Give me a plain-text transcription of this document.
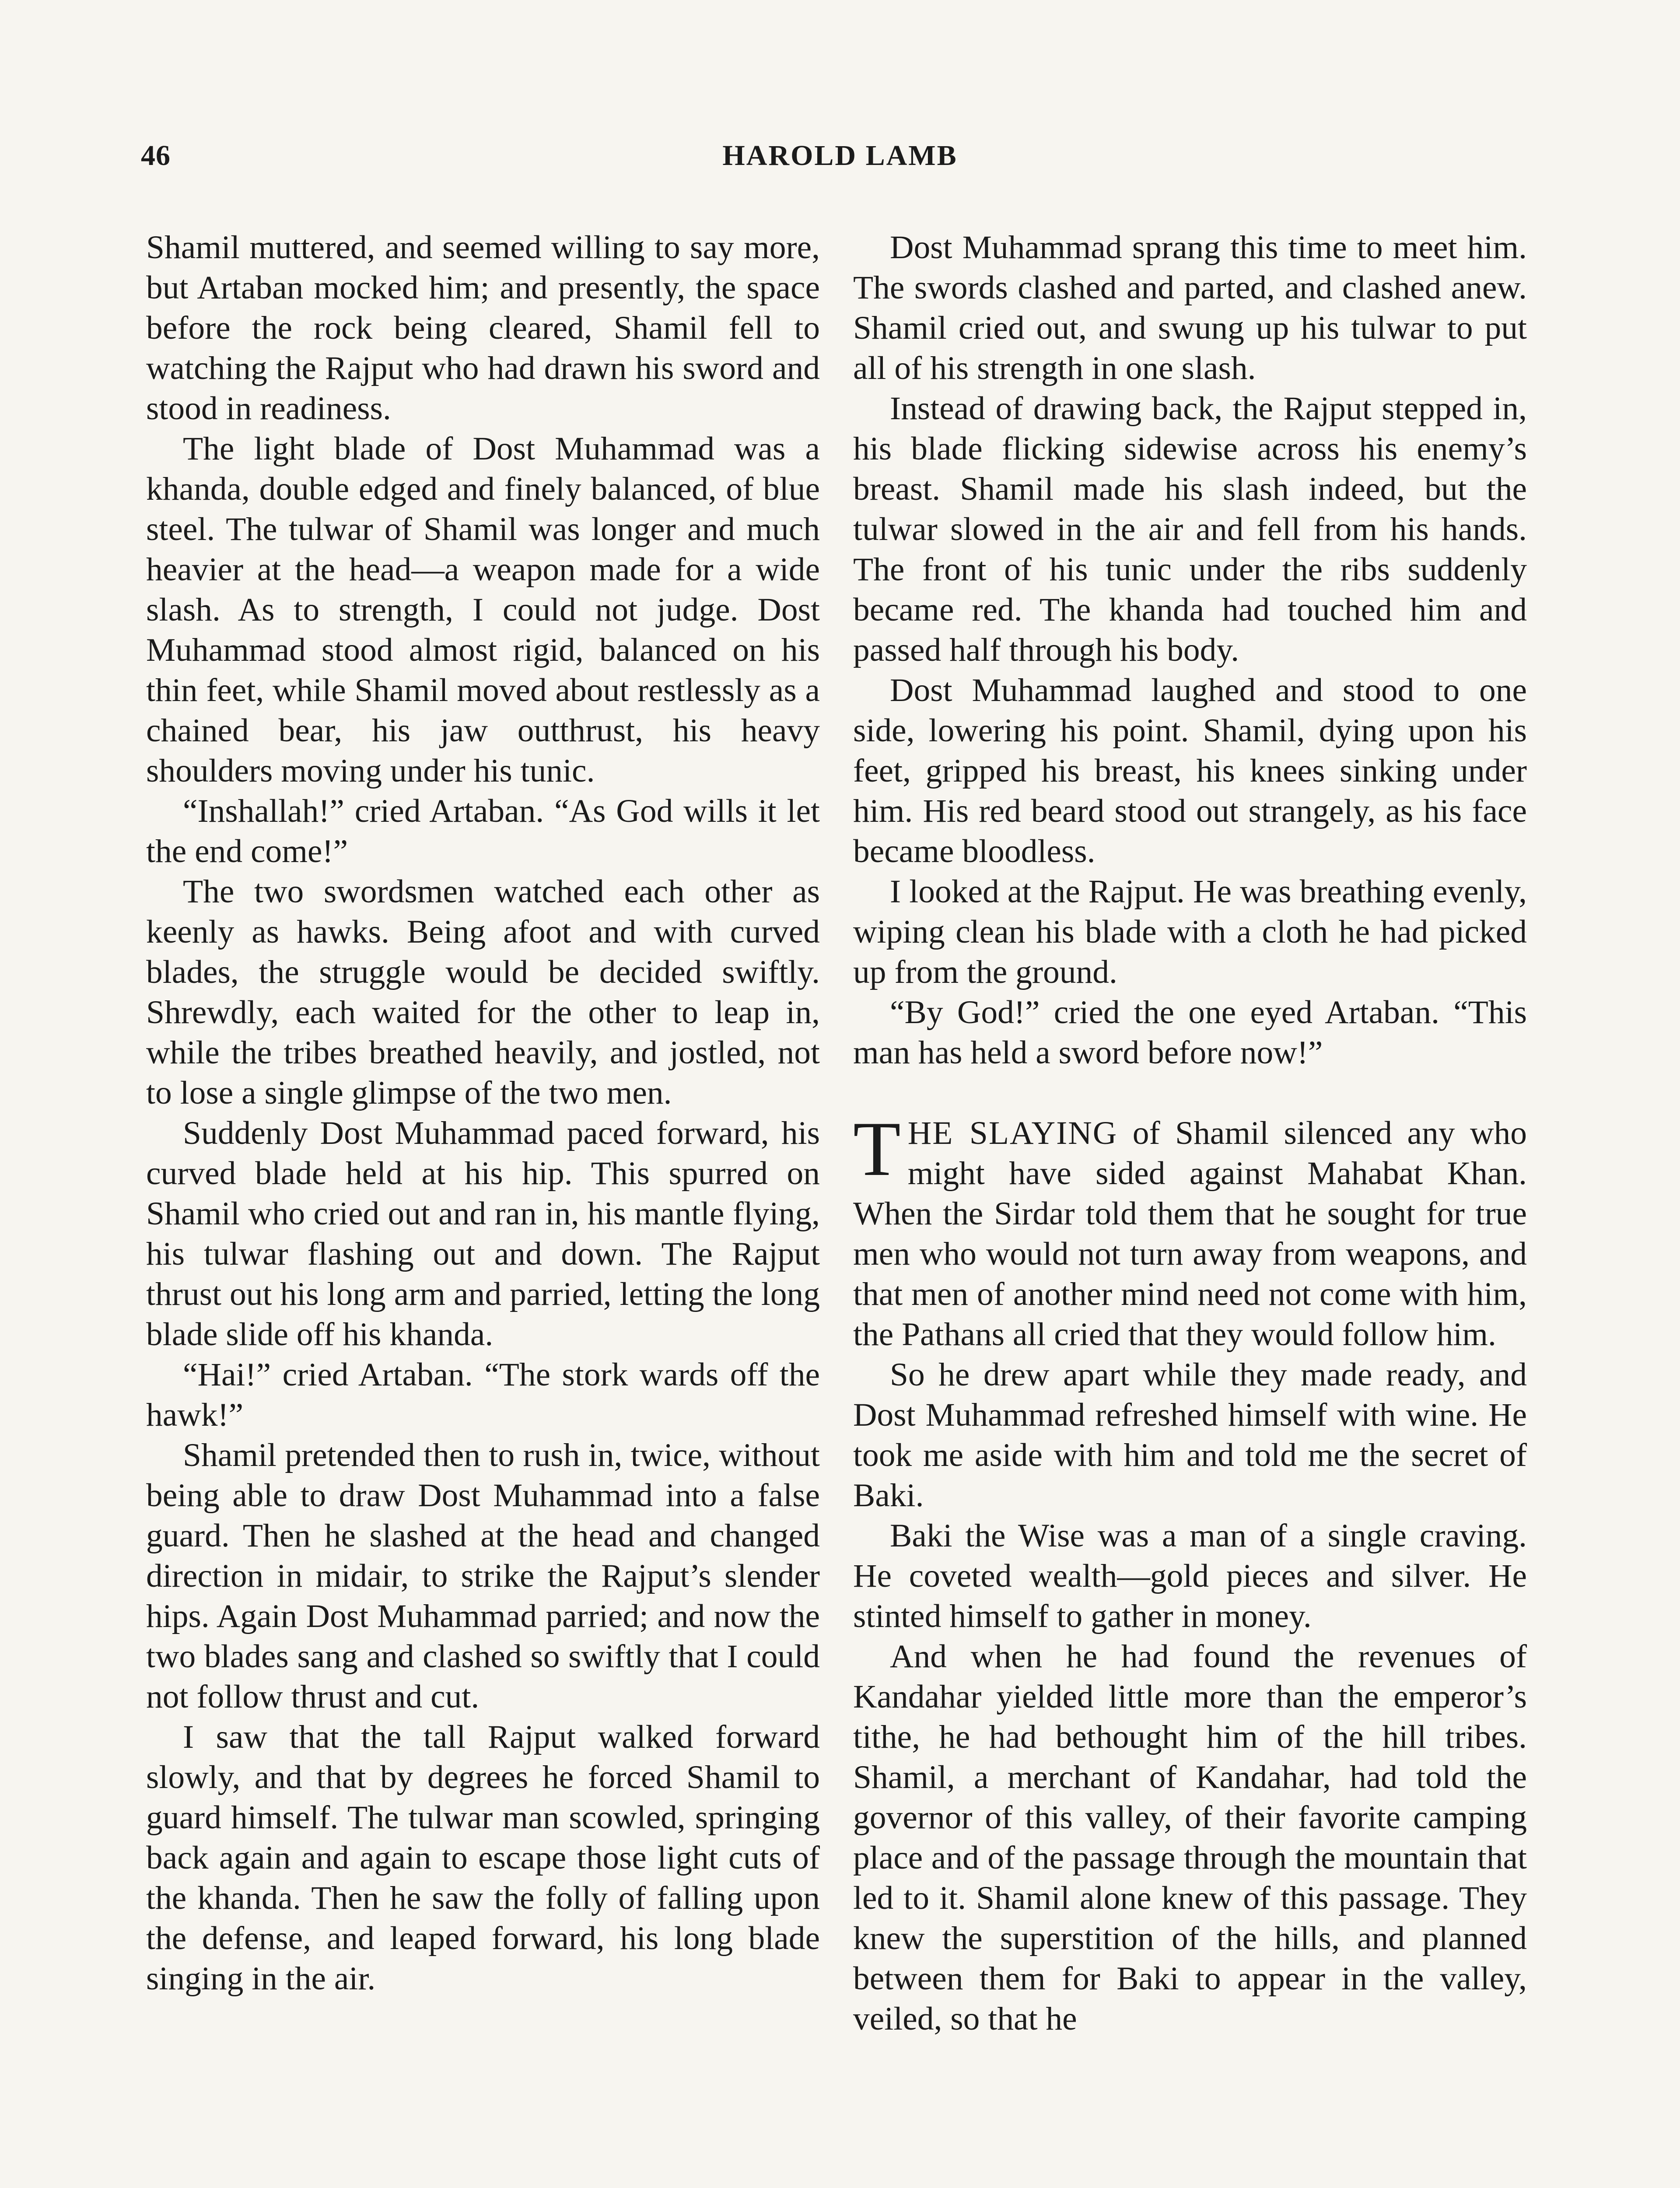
46	HAROLD LAMB

Shamil muttered, and seemed willing to say more, but Artaban mocked him; and presently, the space before the rock being cleared, Shamil fell to watching the Rajput who had drawn his sword and stood in readiness.

The light blade of Dost Muhammad was a khanda, double edged and finely balanced, of blue steel. The tulwar of Shamil was longer and much heavier at the head—a weapon made for a wide slash. As to strength, I could not judge. Dost Muhammad stood almost rigid, balanced on his thin feet, while Shamil moved about restlessly as a chained bear, his jaw outthrust, his heavy shoulders moving under his tunic.

“Inshallah!” cried Artaban. “As God wills it let the end come!”

The two swordsmen watched each other as keenly as hawks. Being afoot and with curved blades, the struggle would be decided swiftly. Shrewdly, each waited for the other to leap in, while the tribes breathed heavily, and jostled, not to lose a single glimpse of the two men.

Suddenly Dost Muhammad paced forward, his curved blade held at his hip. This spurred on Shamil who cried out and ran in, his mantle flying, his tulwar flashing out and down. The Rajput thrust out his long arm and parried, letting the long blade slide off his khanda.

“Hai!” cried Artaban. “The stork wards off the hawk!”

Shamil pretended then to rush in, twice, without being able to draw Dost Muhammad into a false guard. Then he slashed at the head and changed direction in midair, to strike the Rajput’s slender hips. Again Dost Muhammad parried; and now the two blades sang and clashed so swiftly that I could not follow thrust and cut.

I saw that the tall Rajput walked forward slowly, and that by degrees he forced Shamil to guard himself. The tulwar man scowled, springing back again and again to escape those light cuts of the khanda. Then he saw the folly of falling upon the defense, and leaped forward, his long blade singing in the air.

Dost Muhammad sprang this time to meet him. The swords clashed and parted, and clashed anew. Shamil cried out, and swung up his tulwar to put all of his strength in one slash.

Instead of drawing back, the Rajput stepped in, his blade flicking sidewise across his enemy’s breast. Shamil made his slash indeed, but the tulwar slowed in the air and fell from his hands. The front of his tunic under the ribs suddenly became red. The khanda had touched him and passed half through his body.

Dost Muhammad laughed and stood to one side, lowering his point. Shamil, dying upon his feet, gripped his breast, his knees sinking under him. His red beard stood out strangely, as his face became bloodless.

I looked at the Rajput. He was breathing evenly, wiping clean his blade with a cloth he had picked up from the ground.

“By God!” cried the one eyed Artaban. “This man has held a sword before now!”

THE SLAYING of Shamil silenced any who might have sided against Mahabat Khan. When the Sirdar told them that he sought for true men who would not turn away from weapons, and that men of another mind need not come with him, the Pathans all cried that they would follow him.

So he drew apart while they made ready, and Dost Muhammad refreshed himself with wine. He took me aside with him and told me the secret of Baki.

Baki the Wise was a man of a single craving. He coveted wealth—gold pieces and silver. He stinted himself to gather in money.

And when he had found the revenues of Kandahar yielded little more than the emperor’s tithe, he had bethought him of the hill tribes. Shamil, a merchant of Kandahar, had told the governor of this valley, of their favorite camping place and of the passage through the mountain that led to it. Shamil alone knew of this passage. They knew the superstition of the hills, and planned between them for Baki to appear in the valley, veiled, so that he
